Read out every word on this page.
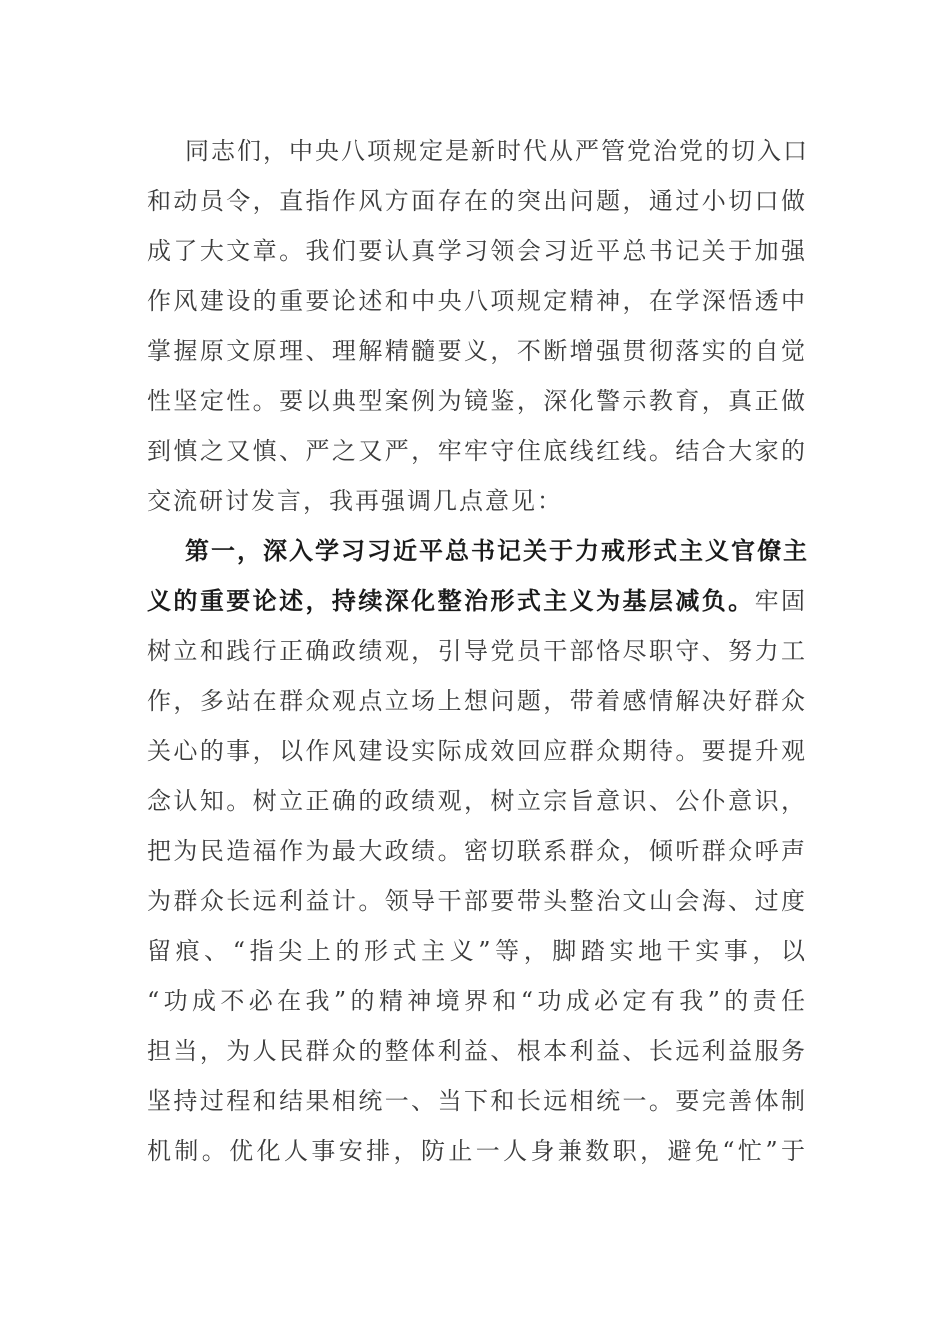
同志们，中央八项规定是新时代从严管党治党的切入口
和动员令，直指作风方面存在的突出问题，通过小切口做
成了大文章。我们要认真学习领会习近平总书记关于加强
作风建设的重要论述和中央八项规定精神，在学深悟透中
掌握原文原理、理解精髓要义，不断增强贯彻落实的自觉
性坚定性。要以典型案例为镜鉴，深化警示教育，真正做
到慎之又慎、严之又严，牢牢守住底线红线。结合大家的
交流研讨发言，我再强调几点意见：
第一，深入学习习近平总书记关于力戒形式主义官僚主
义的重要论述，持续深化整治形式主义为基层减负。牢固
树立和践行正确政绩观，引导党员干部恪尽职守、努力工
作，多站在群众观点立场上想问题，带着感情解决好群众
关心的事，以作风建设实际成效回应群众期待。要提升观
念认知。树立正确的政绩观，树立宗旨意识、公仆意识，
把为民造福作为最大政绩。密切联系群众，倾听群众呼声
为群众长远利益计。领导干部要带头整治文山会海、过度
留痕、“指尖上的形式主义”等，脚踏实地干实事，以
“功成不必在我”的精神境界和“功成必定有我”的责任
担当，为人民群众的整体利益、根本利益、长远利益服务
坚持过程和结果相统一、当下和长远相统一。要完善体制
机制。优化人事安排，防止一人身兼数职，避免“忙”于
